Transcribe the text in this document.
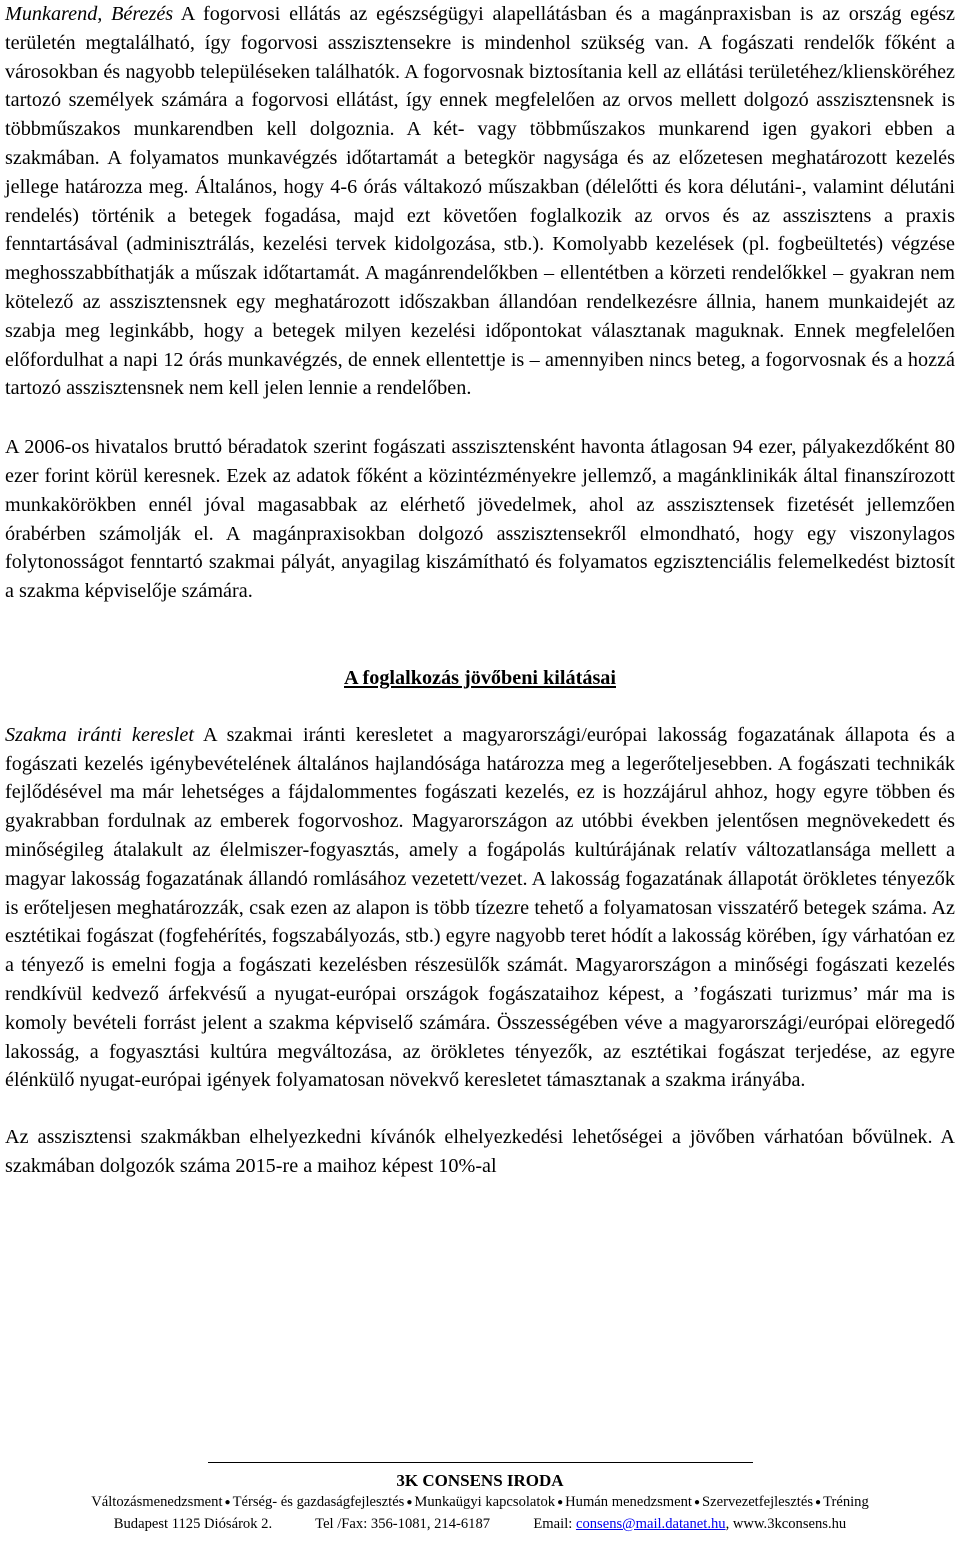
Munkarend, Bérezés A fogorvosi ellátás az egészségügyi alapellátásban és a magánpraxisban is az ország egész területén megtalálható, így fogorvosi asszisztensekre is mindenhol szükség van. A fogászati rendelők főként a városokban és nagyobb településeken találhatók. A fogorvosnak biztosítania kell az ellátási területéhez/kliensköréhez tartozó személyek számára a fogorvosi ellátást, így ennek megfelelően az orvos mellett dolgozó asszisztensnek is többműszakos munkarendben kell dolgoznia. A két- vagy többműszakos munkarend igen gyakori ebben a szakmában. A folyamatos munkavégzés időtartamát a betegkör nagysága és az előzetesen meghatározott kezelés jellege határozza meg. Általános, hogy 4-6 órás váltakozó műszakban (délelőtti és kora délutáni-, valamint délutáni rendelés) történik a betegek fogadása, majd ezt követően foglalkozik az orvos és az asszisztens a praxis fenntartásával (adminisztrálás, kezelési tervek kidolgozása, stb.). Komolyabb kezelések (pl. fogbeültetés) végzése meghosszabbíthatják a műszak időtartamát. A magánrendelőkben – ellentétben a körzeti rendelőkkel – gyakran nem kötelező az asszisztensnek egy meghatározott időszakban állandóan rendelkezésre állnia, hanem munkaidejét az szabja meg leginkább, hogy a betegek milyen kezelési időpontokat választanak maguknak. Ennek megfelelően előfordulhat a napi 12 órás munkavégzés, de ennek ellentettje is – amennyiben nincs beteg, a fogorvosnak és a hozzá tartozó asszisztensnek nem kell jelen lennie a rendelőben.

A 2006-os hivatalos bruttó béradatok szerint fogászati asszisztensként havonta átlagosan 94 ezer, pályakezdőként 80 ezer forint körül keresnek. Ezek az adatok főként a közintézményekre jellemző, a magánklinikák által finanszírozott munkakörökben ennél jóval magasabbak az elérhető jövedelmek, ahol az asszisztensek fizetését jellemzően órabérben számolják el. A magánpraxisokban dolgozó asszisztensekről elmondható, hogy egy viszonylagos folytonosságot fenntartó szakmai pályát, anyagilag kiszámítható és folyamatos egzisztenciális felemelkedést biztosít a szakma képviselője számára.

A foglalkozás jövőbeni kilátásai

Szakma iránti kereslet A szakmai iránti keresletet a magyarországi/európai lakosság fogazatának állapota és a fogászati kezelés igénybevételének általános hajlandósága határozza meg a legerőteljesebben. A fogászati technikák fejlődésével ma már lehetséges a fájdalommentes fogászati kezelés, ez is hozzájárul ahhoz, hogy egyre többen és gyakrabban fordulnak az emberek fogorvoshoz. Magyarországon az utóbbi években jelentősen megnövekedett és minőségileg átalakult az élelmiszer-fogyasztás, amely a fogápolás kultúrájának relatív változatlansága mellett a magyar lakosság fogazatának állandó romlásához vezetett/vezet. A lakosság fogazatának állapotát örökletes tényezők is erőteljesen meghatározzák, csak ezen az alapon is több tízezre tehető a folyamatosan visszatérő betegek száma. Az esztétikai fogászat (fogfehérítés, fogszabályozás, stb.) egyre nagyobb teret hódít a lakosság körében, így várhatóan ez a tényező is emelni fogja a fogászati kezelésben részesülők számát. Magyarországon a minőségi fogászati kezelés rendkívül kedvező árfekvésű a nyugat-európai országok fogászataihoz képest, a ’fogászati turizmus’ már ma is komoly bevételi forrást jelent a szakma képviselő számára. Összességében véve a magyarországi/európai elöregedő lakosság, a fogyasztási kultúra megváltozása, az örökletes tényezők, az esztétikai fogászat terjedése, az egyre élénkülő nyugat-európai igények folyamatosan növekvő keresletet támasztanak a szakma irányába.

Az asszisztensi szakmákban elhelyezkedni kívánók elhelyezkedési lehetőségei a jövőben várhatóan bővülnek. A szakmában dolgozók száma 2015-re a maihoz képest 10%-al

3K CONSENS IRODA
Változásmenedzsment ● Térség- és gazdaságfejlesztés ● Munkaügyi kapcsolatok ● Humán menedzsment ● Szervezetfejlesztés ● Tréning
Budapest 1125 Diósárok 2.	Tel /Fax: 356-1081, 214-6187	Email: consens@mail.datanet.hu, www.3kconsens.hu
